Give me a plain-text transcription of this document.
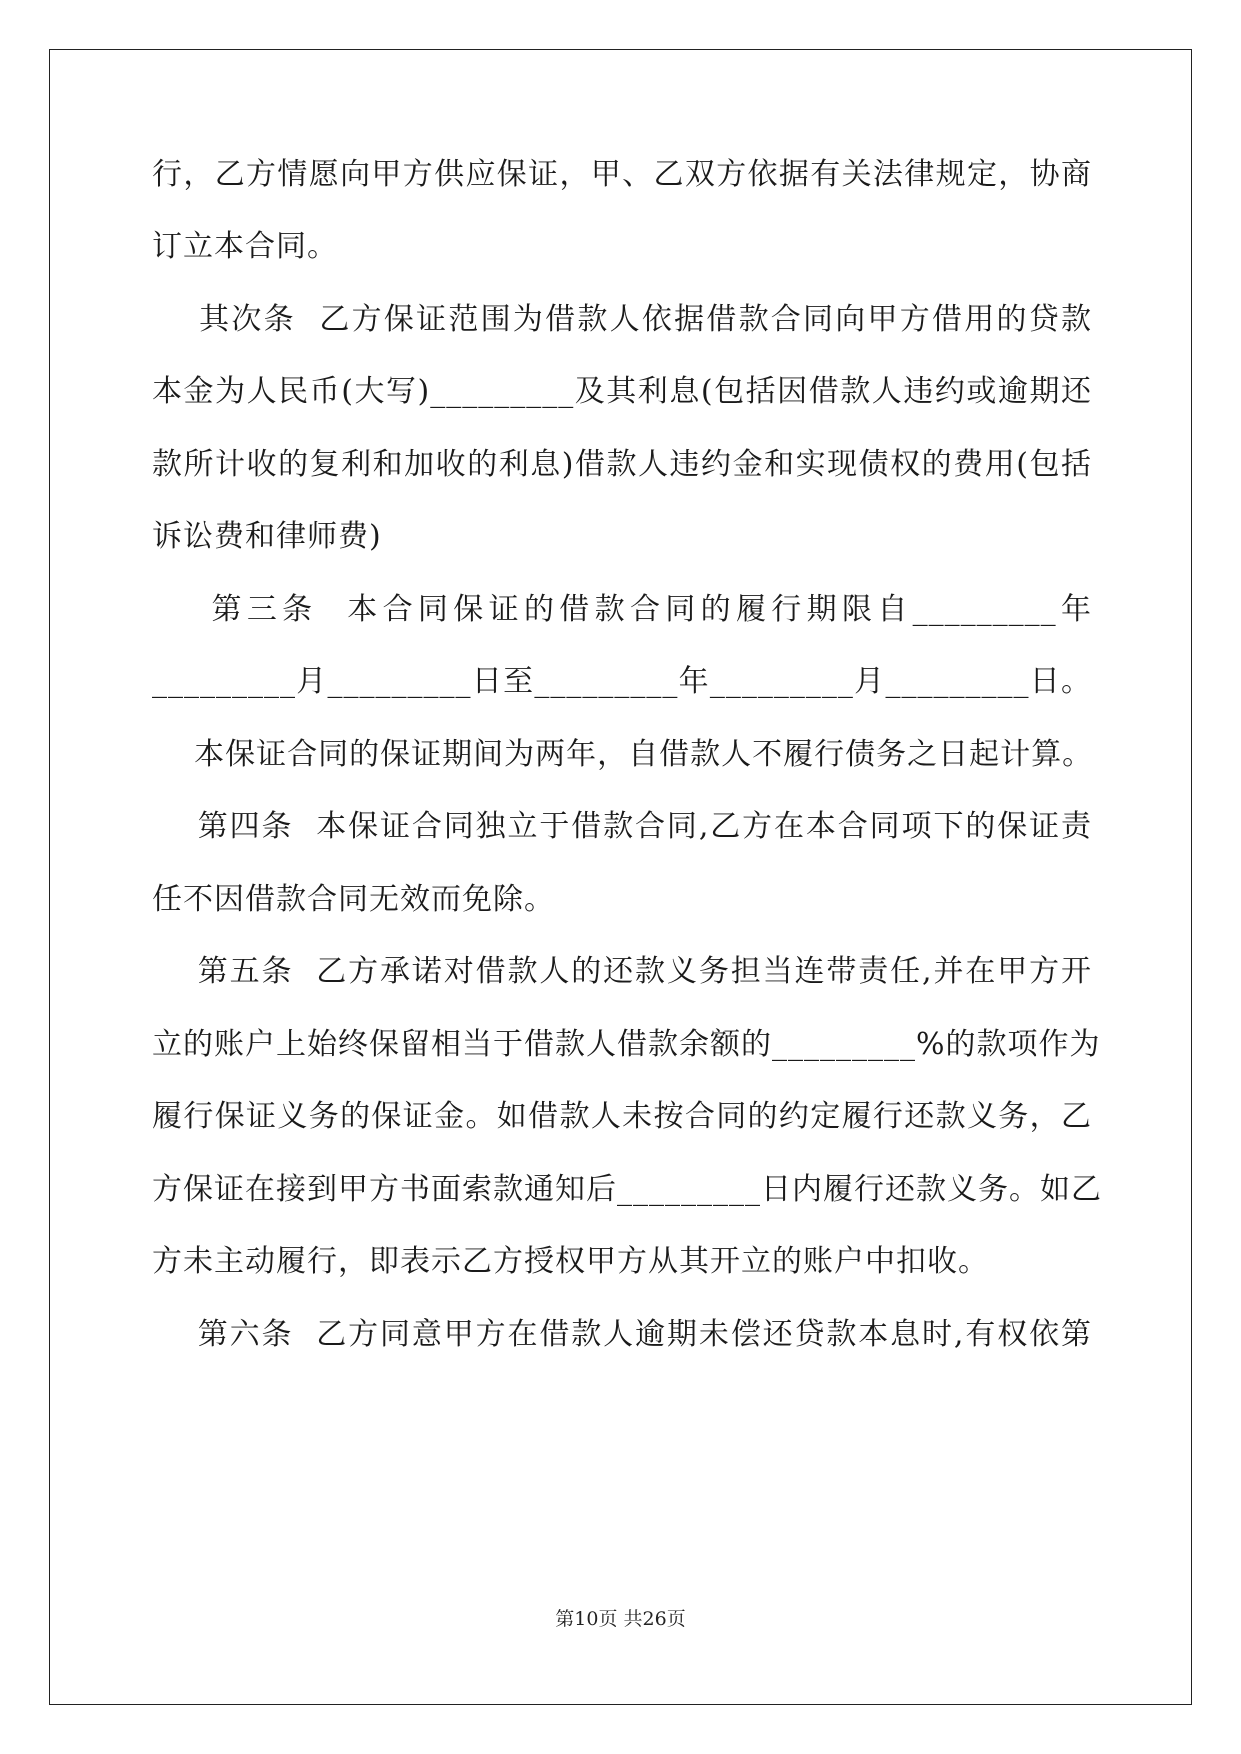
行，乙方情愿向甲方供应保证，甲、乙双方依据有关法律规定，协商
订立本合同。
其次条  乙方保证范围为借款人依据借款合同向甲方借用的贷款
本金为人民币(大写)_________及其利息(包括因借款人违约或逾期还
款所计收的复利和加收的利息)借款人违约金和实现债权的费用(包括
诉讼费和律师费)
第三条  本合同保证的借款合同的履行期限自_________年
_________月_________日至_________年_________月_________日。
本保证合同的保证期间为两年，自借款人不履行债务之日起计算。
第四条  本保证合同独立于借款合同,乙方在本合同项下的保证责
任不因借款合同无效而免除。
第五条  乙方承诺对借款人的还款义务担当连带责任,并在甲方开
立的账户上始终保留相当于借款人借款余额的_________%的款项作为
履行保证义务的保证金。如借款人未按合同的约定履行还款义务，乙
方保证在接到甲方书面索款通知后_________日内履行还款义务。如乙
方未主动履行，即表示乙方授权甲方从其开立的账户中扣收。
第六条  乙方同意甲方在借款人逾期未偿还贷款本息时,有权依第
第10页 共26页
